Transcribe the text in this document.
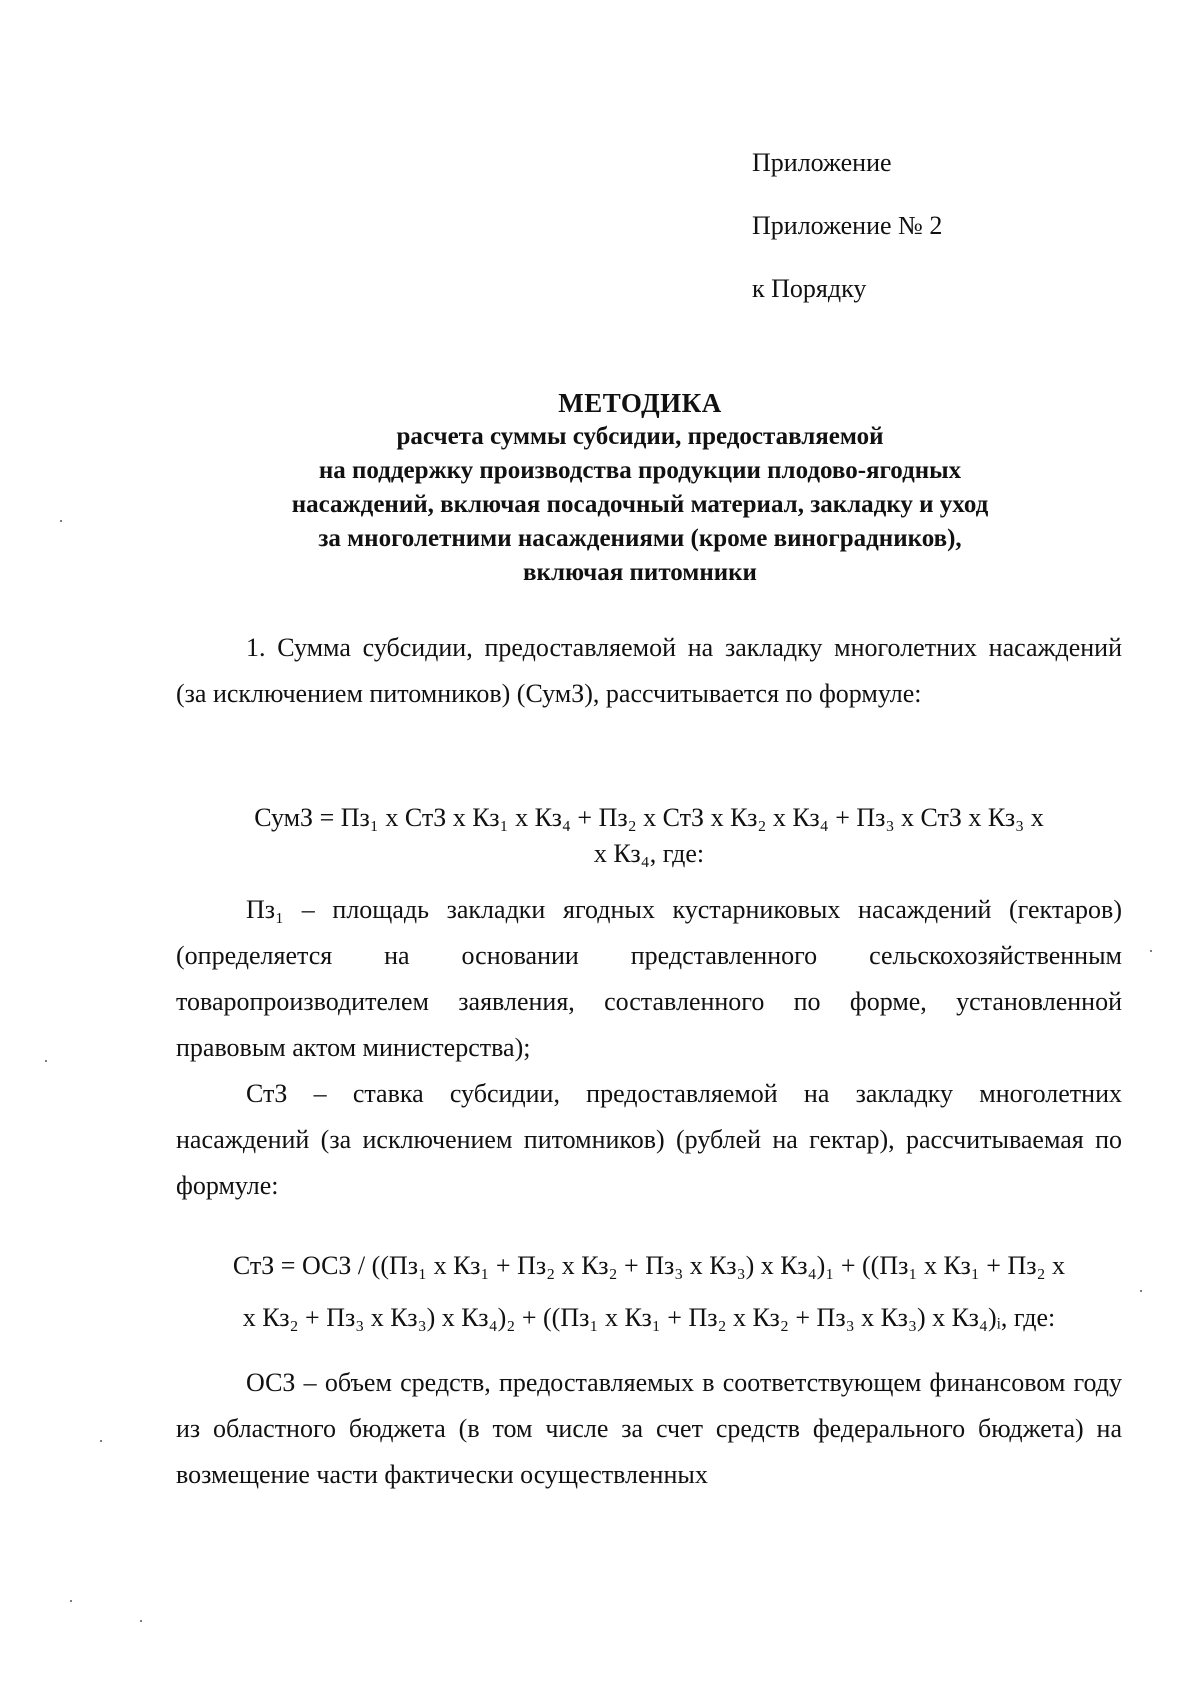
Приложение
Приложение № 2
к Порядку
МЕТОДИКА
расчета суммы субсидии, предоставляемой
на поддержку производства продукции плодово-ягодных
насаждений, включая посадочный материал, закладку и уход
за многолетними насаждениями (кроме виноградников),
включая питомники

1. Сумма субсидии, предоставляемой на закладку многолетних насаждений (за исключением питомников) (СумЗ), рассчитывается по формуле:

СумЗ = Пз₁ х СтЗ х Кз₁ х Кз₄ + Пз₂ х СтЗ х Кз₂ х Кз₄ + Пз₃ х СтЗ х Кз₃ х
х Кз₄, где:

Пз₁ – площадь закладки ягодных кустарниковых насаждений (гектаров) (определяется на основании представленного сельскохозяйственным товаропроизводителем заявления, составленного по форме, установленной правовым актом министерства);

СтЗ – ставка субсидии, предоставляемой на закладку многолетних насаждений (за исключением питомников) (рублей на гектар), рассчитываемая по формуле:

СтЗ = ОСЗ / ((Пз₁ х Кз₁ + Пз₂ х Кз₂ + Пз₃ х Кз₃) х Кз₄)₁ + ((Пз₁ х Кз₁ + Пз₂ х
х Кз₂ + Пз₃ х Кз₃) х Кз₄)₂ + ((Пз₁ х Кз₁ + Пз₂ х Кз₂ + Пз₃ х Кз₃) х Кз₄)ᵢ, где:

ОСЗ – объем средств, предоставляемых в соответствующем финансовом году из областного бюджета (в том числе за счет средств федерального бюджета) на возмещение части фактически осуществленных
